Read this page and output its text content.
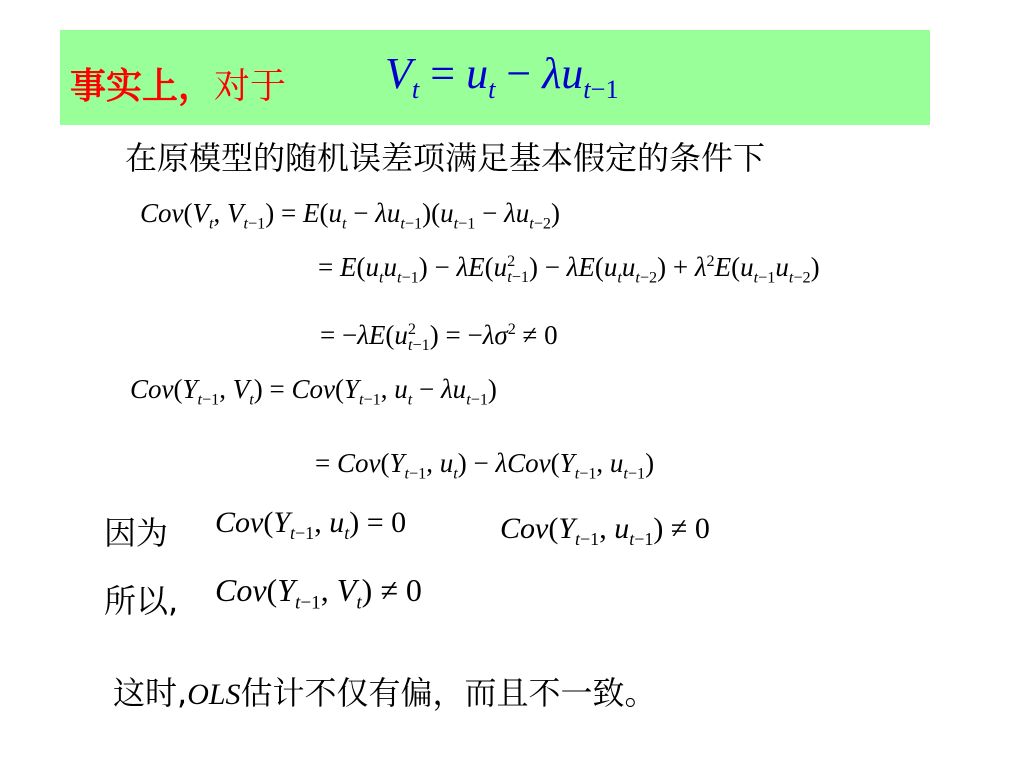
事实上，对于 $V_t = u_t - \lambda u_{t-1}$
在原模型的随机误差项满足基本假定的条件下
$Cov(V_t$, $V_{t-1}) = E(u_t - \lambda u_{t-1})(u_{t-1} - \lambda u_{t-2})$
= $E(u_tu_{t-1}) - \lambda E(u^2_{t-1}) - \lambda E(u_tu_{t-2}) + \lambda^2E(u_{t-1}u_{t-2})$
= $-\lambda E(u^2_{t-1}) = -\lambda\sigma^2 \ne 0$
$Cov(Y_{t-1}$, $V_t) = Cov(Y_{t-1}$, $u_t - \lambda u_{t-1}$)
= $Cov(Y_{t-1}$, $u_t) - \lambda Cov(Y_{t-1}$, $u_{t-1}$)
因为 $Cov(Y_{t-1}$, $u_t) = 0$	$Cov(Y_{t-1}$, $u_{t-1}) \ne 0$
所以, $Cov(Y_{t-1}$, $V_t) \ne 0$
这时,OLS估计不仅有偏，而且不一致。
